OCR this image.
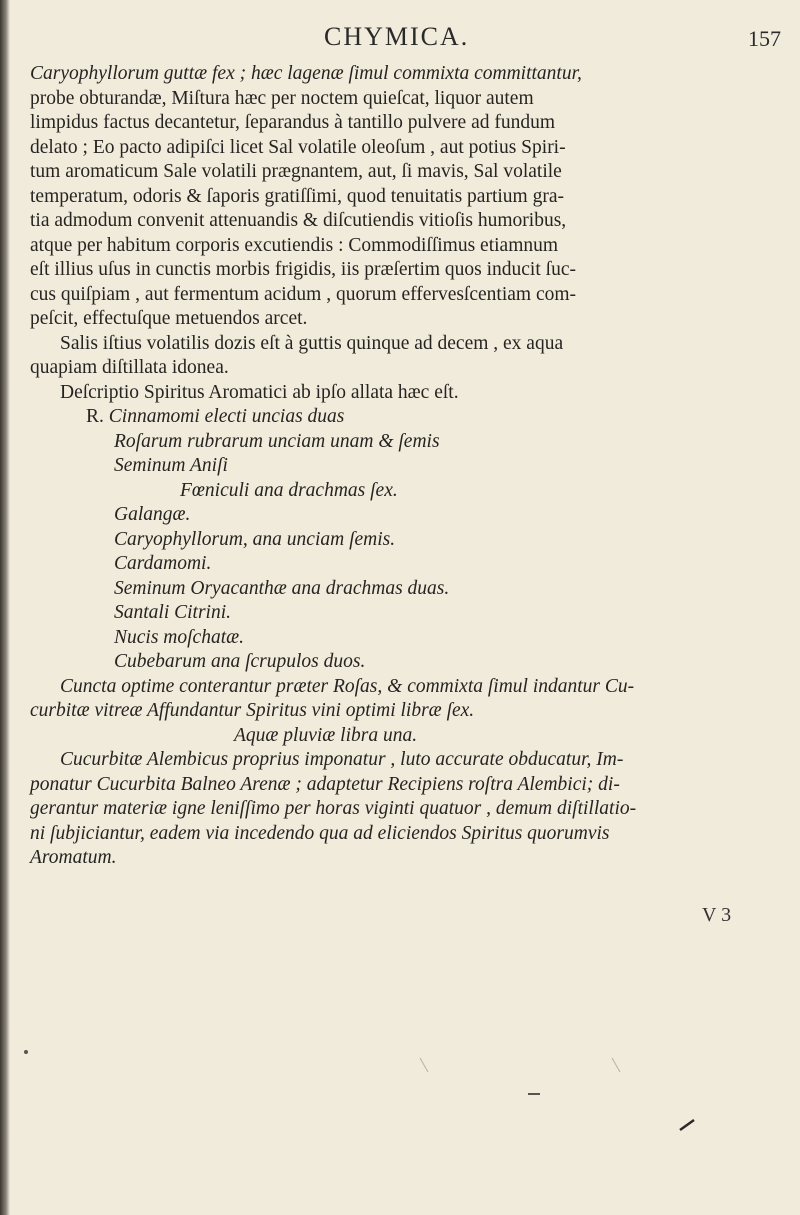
CHYMICA.	157
Caryophyllorum guttæ fex ; hæc lagenæ ſimul commixta committantur,
probe obturandæ, Miſtura hæc per noctem quieſcat, liquor autem
limpidus factus decantetur, ſeparandus à tantillo pulvere ad fundum
delato ; Eo pacto adipiſci licet Sal volatile oleoſum , aut potius Spiri-
tum aromaticum Sale volatili prægnantem, aut, ſi mavis, Sal volatile
temperatum, odoris & ſaporis gratiſſimi, quod tenuitatis partium gra-
tia admodum convenit attenuandis & diſcutiendis vitioſis humoribus,
atque per habitum corporis excutiendis : Commodiſſimus etiamnum
eſt illius uſus in cunctis morbis frigidis, iis præſertim quos inducit ſuc-
cus quiſpiam , aut fermentum acidum , quorum effervesſcentiam com-
peſcit, effectuſque metuendos arcet.
Salis iſtius volatilis dozis eſt à guttis quinque ad decem , ex aqua
quapiam diſtillata idonea.
Deſcriptio Spiritus Aromatici ab ipſo allata hæc eſt.
R. Cinnamomi electi uncias duas
Roſarum rubrarum unciam unam & ſemis
Seminum Aniſi
Fœniculi ana drachmas ſex.
Galangæ.
Caryophyllorum, ana unciam ſemis.
Cardamomi.
Seminum Oryacanthæ ana drachmas duas.
Santali Citrini.
Nucis moſchatæ.
Cubebarum ana ſcrupulos duos.
Cuncta optime conterantur præter Roſas, & commixta ſimul indantur Cu-
curbitæ vitreæ Affundantur Spiritus vini optimi libræ ſex.
Aquæ pluviæ libra una.
Cucurbitæ Alembicus proprius imponatur , luto accurate obducatur, Im-
ponatur Cucurbita Balneo Arenæ ; adaptetur Recipiens roſtra Alembici; di-
gerantur materiæ igne leniſſimo per horas viginti quatuor , demum diſtillatio-
ni ſubjiciantur, eadem via incedendo qua ad eliciendos Spiritus quorumvis
Aromatum.
V 3
